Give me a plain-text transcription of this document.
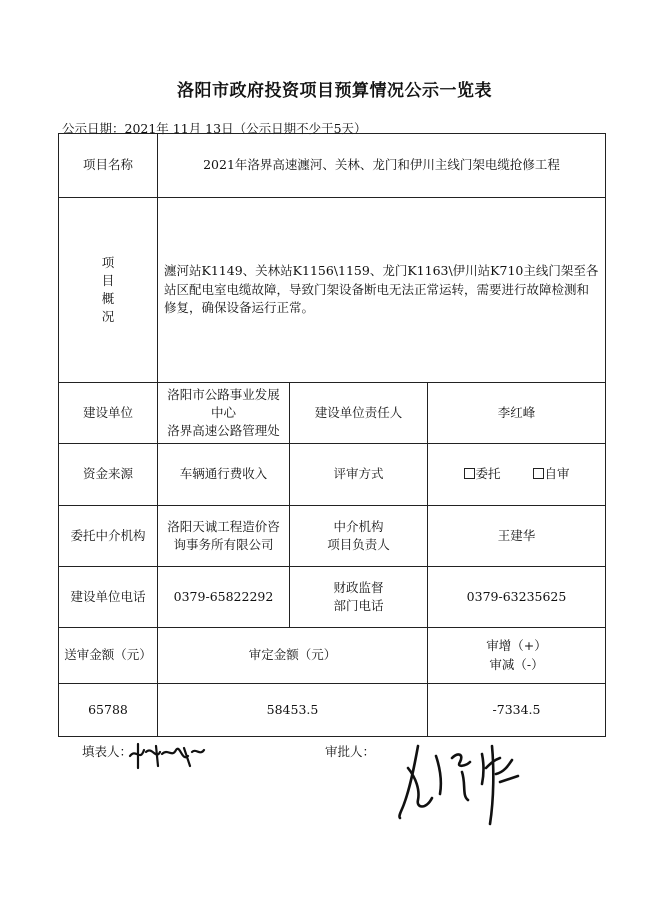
洛阳市政府投资项目预算情况公示一览表
公示日期：2021年 11月 13日（公示日期不少于5天）
项目名称	2021年洛界高速瀍河、关林、龙门和伊川主线门架电缆抢修工程		
项
目
概
况	瀍河站K1149、关林站K1156\1159、龙门K1163\伊川站K710主线门架至各站区配电室电缆故障，导致门架设备断电无法正常运转，需要进行故障检测和修复，确保设备运行正常。		
建设单位	洛阳市公路事业发展
中心
洛界高速公路管理处	建设单位责任人	李红峰
资金来源	车辆通行费收入	评审方式	委托 自审
委托中介机构	洛阳天诚工程造价咨
询事务所有限公司	中介机构
项目负责人	王建华
建设单位电话	0379-65822292	财政监督
部门电话	0379-63235625
送审金额（元）	审定金额（元）		审增（+）
审减（-）
65788	58453.5		-7334.5
填表人：	审批人：
